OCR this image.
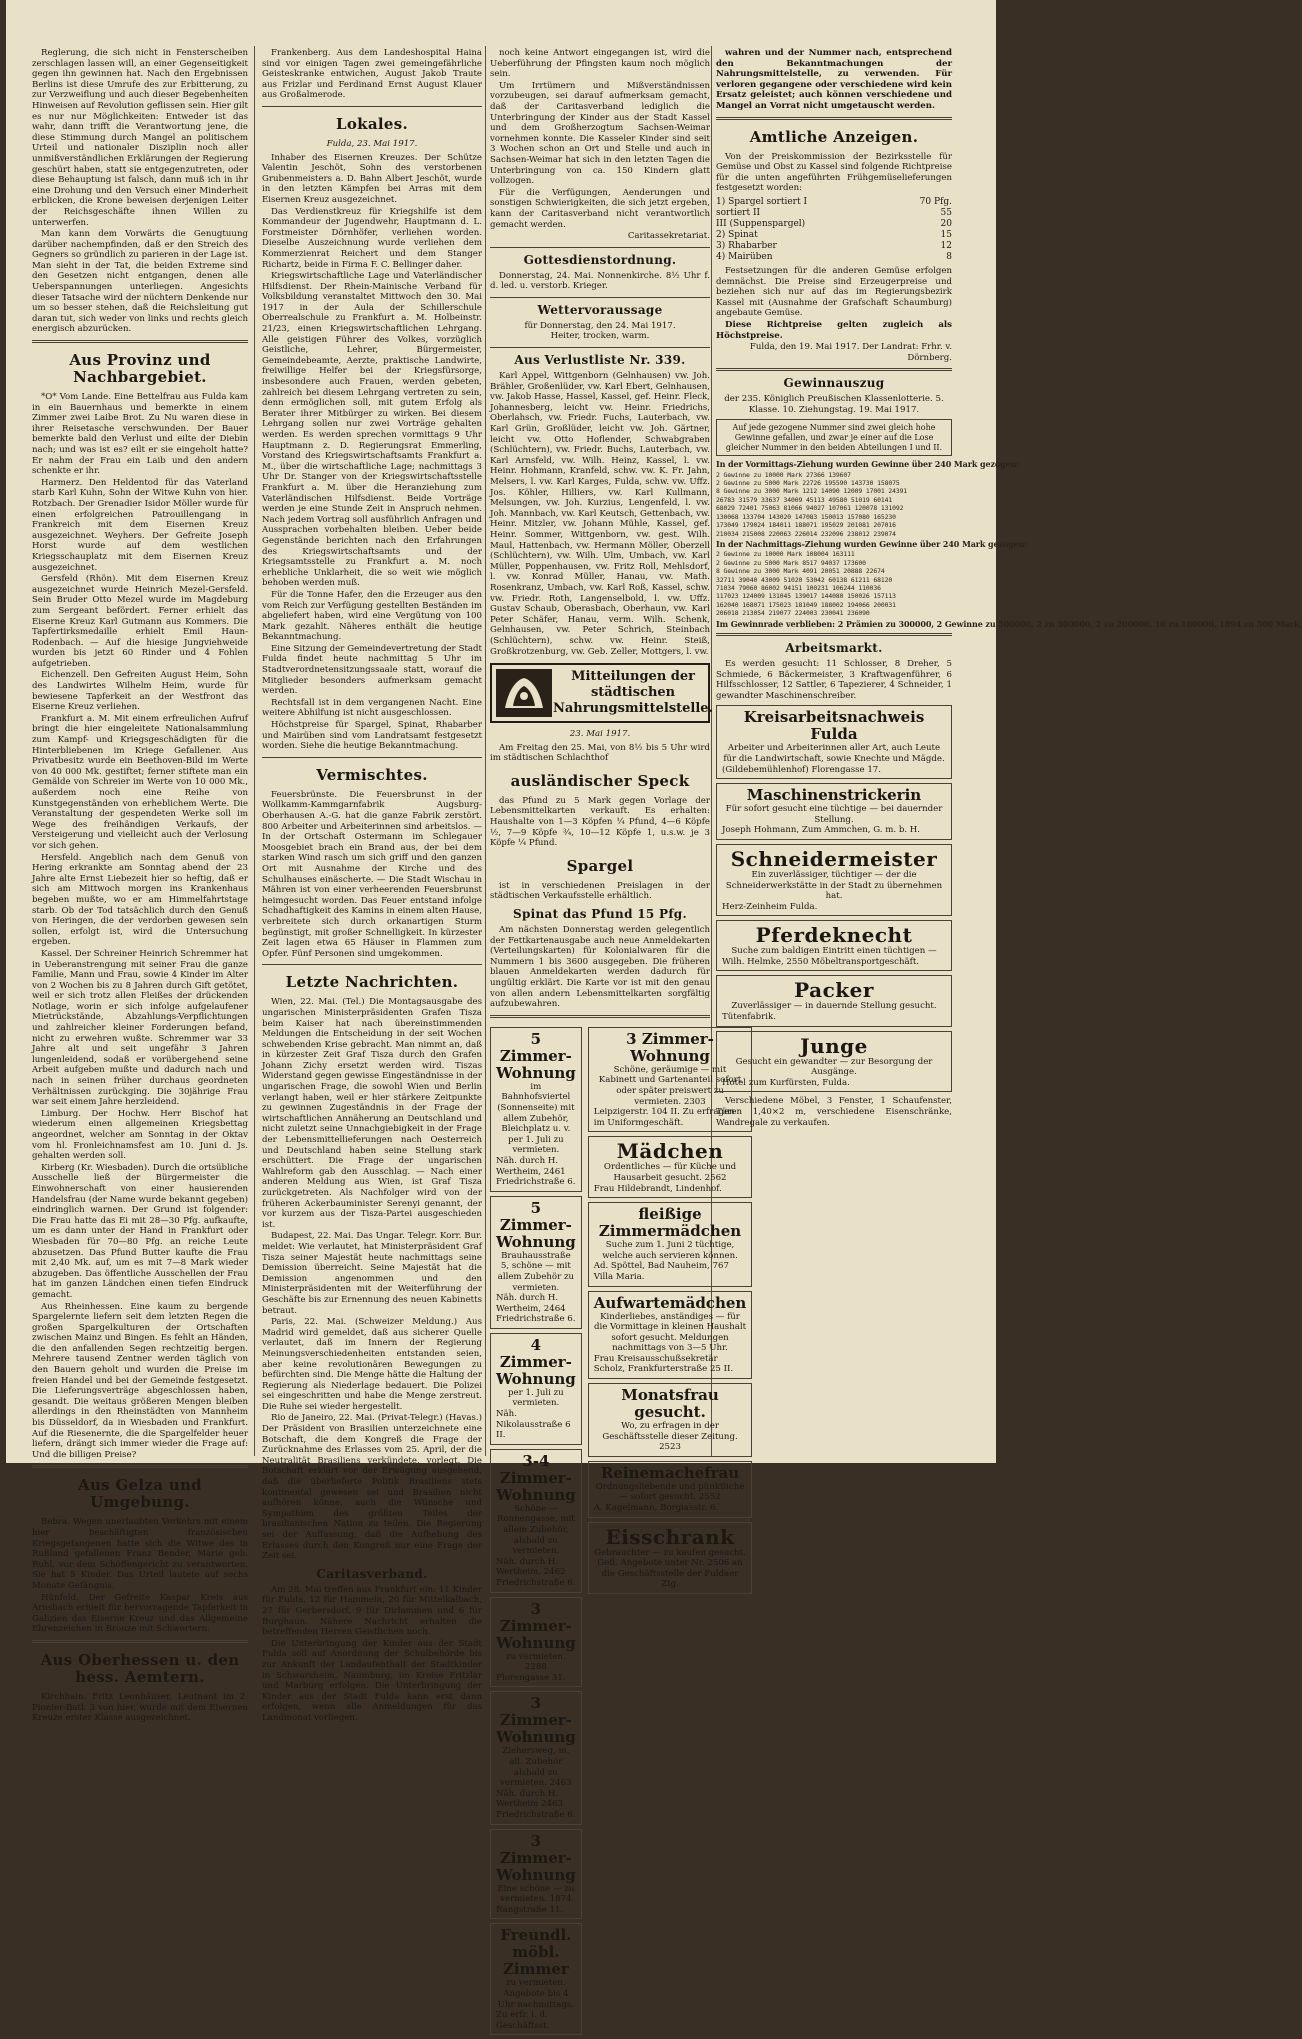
Reglerung, die sich nicht in Fensterscheiben zerschlagen lassen will, an einer Gegenseitigkeit gegen ihn gewinnen hat. Nach den Ergebnissen Berlins ist diese Umrufe des zur Erbitterung, zu zur Verzweiflung und auch dieser Begebenheiten Hinweisen auf Revolution geflissen sein. Hier gilt es nur nur Möglichkeiten: Entweder ist das wahr, dann trifft die Verantwortung jene, die diese Stimmung durch Mangel an politischem Urteil und nationaler Disziplin noch aller unmißverständlichen Erklärungen der Regierung geschürt haben, statt sie entgegenzutreten, oder diese Behauptung ist falsch, dann muß ich in ihr eine Drohung und den Versuch einer Minderheit erblicken, die Krone beweisen derjenigen Leiter der Reichsgeschäfte ihnen Willen zu unterwerfen.

Man kann dem Vorwärts die Genugtuung darüber nachempfinden, daß er den Streich des Gegners so gründlich zu parieren in der Lage ist. Man sieht in der Tat, die beiden Extreme sind den Gesetzen nicht entgangen, denen alle Ueberspannungen unterliegen. Angesichts dieser Tatsache wird der nüchtern Denkende nur um so besser stehen, daß die Reichsleitung gut daran tut, sich weder von links und rechts gleich energisch abzurücken.

Aus Provinz und Nachbargebiet.

*O* Vom Lande. Eine Bettelfrau aus Fulda kam in ein Bauernhaus und bemerkte in einem Zimmer zwei Laibe Brot. Zu Nu waren diese in ihrer Reisetasche verschwunden. Der Bauer bemerkte bald den Verlust und eilte der Diebin nach; und was ist es? eilt er sie eingeholt hatte? Er nahm der Frau ein Laib und den andern schenkte er ihr.

Harmerz. Den Heldentod für das Vaterland starb Karl Kuhn, Sohn der Witwe Kuhn von hier. Rotzbach. Der Grenadier Isidor Möller wurde für einen erfolgreichen Patrouillengang in Frankreich mit dem Eisernen Kreuz ausgezeichnet. Weyhers. Der Gefreite Joseph Horst wurde auf dem westlichen Kriegsschauplatz mit dem Eisernen Kreuz ausgezeichnet.

Gersfeld (Rhön). Mit dem Eisernen Kreuz ausgezeichnet wurde Heinrich Mezel-Gersfeld. Sein Bruder Otto Mezel wurde im Magdeburg zum Sergeant befördert. Ferner erhielt das Eiserne Kreuz Karl Gutmann aus Kommers. Die Tapfertirksmedaille erhielt Emil Haun-Rodenbach. — Auf die hiesige Jungviehweide wurden bis jetzt 60 Rinder und 4 Fohlen aufgetrieben.

Eichenzell. Den Gefreiten August Heim, Sohn des Landwirtes Wilhelm Heim, wurde für bewiesene Tapferkeit an der Westfront das Eiserne Kreuz verliehen.

Frankfurt a. M. Mit einem erfreulichen Aufruf bringt die hier eingeleitete Nationalsammlung zum Kampf- und Kriegsgeschädigten für die Hinterbliebenen im Kriege Gefallener. Aus Privatbesitz wurde ein Beethoven-Bild im Werte von 40 000 Mk. gestiftet; ferner stiftete man ein Gemälde von Schreier im Werte von 10 000 Mk., außerdem noch eine Reihe von Kunstgegenständen von erheblichem Werte. Die Veranstaltung der gespendeten Werke soll im Wege des freihändigen Verkaufs, der Versteigerung und vielleicht auch der Verlosung vor sich gehen.

Hersfeld. Angeblich nach dem Genuß von Hering erkrankte am Sonntag abend der 23 Jahre alte Ernst Liebezeit hier so heftig, daß er sich am Mittwoch morgen ins Krankenhaus begeben mußte, wo er am Himmelfahrtstage starb. Ob der Tod tatsächlich durch den Genuß von Heringen, die der verdorben gewesen sein sollen, erfolgt ist, wird die Untersuchung ergeben.

Kassel. Der Schreiner Heinrich Schremmer hat in Ueberanstrengung mit seiner Frau die ganze Familie, Mann und Frau, sowie 4 Kinder im Alter von 2 Wochen bis zu 8 Jahren durch Gift getötet, weil er sich trotz allen Fleißes der drückenden Notlage, worin er sich infolge aufgelaufener Mietrückstände, Abzahlungs-Verpflichtungen und zahlreicher kleiner Forderungen befand, nicht zu erwehren wußte. Schremmer war 33 Jahre alt und seit ungefähr 3 Jahren lungenleidend, sodaß er vorübergehend seine Arbeit aufgeben mußte und dadurch nach und nach in seinen früher durchaus geordneten Verhältnissen zurückging. Die 30jährige Frau war seit einem Jahre herzleidend.

Limburg. Der Hochw. Herr Bischof hat wiederum einen allgemeinen Kriegsbettag angeordnet, welcher am Sonntag in der Oktav vom hl. Fronleichnamsfest am 10. Juni d. Js. gehalten werden soll.

Kirberg (Kr. Wiesbaden). Durch die ortsübliche Ausschelle ließ der Bürgermeister die Einwohnerschaft von einer hausierenden Handelsfrau (der Name wurde bekannt gegeben) eindringlich warnen. Der Grund ist folgender: Die Frau hatte das Ei mit 28—30 Pfg. aufkaufte, um es dann unter der Hand in Frankfurt oder Wiesbaden für 70—80 Pfg. an reiche Leute abzusetzen. Das Pfund Butter kaufte die Frau mit 2,40 Mk. auf, um es mit 7—8 Mark wieder abzugeben. Das öffentliche Ausschellen der Frau hat im ganzen Ländchen einen tiefen Eindruck gemacht.

Aus Rheinhessen. Eine kaum zu bergende Spargelernte liefern seit dem letzten Regen die großen Spargelkulturen der Ortschaften zwischen Mainz und Bingen. Es fehlt an Händen, die den anfallenden Segen rechtzeitig bergen. Mehrere tausend Zentner werden täglich von den Bauern geholt und wurden die Preise im freien Handel und bei der Gemeinde festgesetzt. Die Lieferungsverträge abgeschlossen haben, gesandt. Die weitaus größeren Mengen bleiben allerdings in den Rheinstädten von Mannheim bis Düsseldorf, da in Wiesbaden und Frankfurt. Auf die Riesenernte, die die Spargelfelder heuer liefern, drängt sich immer wieder die Frage auf: Und die billigen Preise?

Aus Gelza und Umgebung.

Bebra. Wegen unerlaubten Verkehrs mit einem hier beschäftigten französischen Kriegsgefangenen hatte sich die Witwe des in Rußland gefallenen Franz Bender, Marie geb. Ruhl, vor dem Schöffengericht zu verantworten. Sie hat 5 Kinder. Das Urteil lautete auf sechs Monate Gefängnis.

Hünfeld. Der Gefreite Kaspar Kreis aus Arnsbach erhielt für hervorragende Tapferkeit in Galizien das Eiserne Kreuz und das Allgemeine Ehrenzeichen in Bronze mit Schwertern.

Aus Oberhessen u. den hess. Aemtern.

Kirchhain. Fritz Leonhäuser, Leutnant im 2. Pionier-Batl. 3 von hier, wurde mit dem Eisernen Kreuze erster Klasse ausgezeichnet.

Frankenberg. Aus dem Landeshospital Haina sind vor einigen Tagen zwei gemeingefährliche Geisteskranke entwichen, August Jakob Traute aus Frizlar und Ferdinand Ernst August Klauer aus Großalmerode.

Lokales.
Fulda, 23. Mai 1917.

Inhaber des Eisernen Kreuzes. Der Schütze Valentin Jeschöt, Sohn des verstorbenen Grubenmeisters a. D. Bahn Albert Jeschöt, wurde in den letzten Kämpfen bei Arras mit dem Eisernen Kreuz ausgezeichnet.

Das Verdienstkreuz für Kriegshilfe ist dem Kommandeur der Jugendwehr, Hauptmann d. L. Forstmeister Dörnhöfer, verliehen worden. Dieselbe Auszeichnung wurde verliehen dem Kommerzienrat Reichert und dem Stanger Richartz, beide in Firma F. C. Bellinger daher.

Kriegswirtschaftliche Lage und Vaterländischer Hilfsdienst. Der Rhein-Mainische Verband für Volksbildung veranstaltet Mittwoch den 30. Mai 1917 in der Aula der Schillerschule Oberrealschule zu Frankfurt a. M. Holbeinstr. 21/23, einen Kriegswirtschaftlichen Lehrgang. Alle geistigen Führer des Volkes, vorzüglich Geistliche, Lehrer, Bürgermeister, Gemeindebeamte, Aerzte, praktische Landwirte, freiwillige Helfer bei der Kriegsfürsorge, insbesondere auch Frauen, werden gebeten, zahlreich bei diesem Lehrgang vertreten zu sein, denn ermöglichen soll, mit gutem Erfolg als Berater ihrer Mitbürger zu wirken. Bei diesem Lehrgang sollen nur zwei Vorträge gehalten werden. Es werden sprechen vormittags 9 Uhr Hauptmann z. D. Regierungsrat Emmerling, Vorstand des Kriegswirtschaftsamts Frankfurt a. M., über die wirtschaftliche Lage; nachmittags 3 Uhr Dr. Stanger von der Kriegswirtschaftsstelle Frankfurt a. M. über die Heranziehung zum Vaterländischen Hilfsdienst. Beide Vorträge werden je eine Stunde Zeit in Anspruch nehmen. Nach jedem Vortrag soll ausführlich Anfragen und Aussprachen vorbehalten bleiben. Ueber beide Gegenstände berichten nach den Erfahrungen des Kriegswirtschaftsamts und der Kriegsamtsstelle zu Frankfurt a. M. noch erhebliche Unklarheit, die so weit wie möglich behoben werden muß.

Für die Tonne Hafer, den die Erzeuger aus den vom Reich zur Verfügung gestellten Beständen im abgeliefert haben, wird eine Vergütung von 100 Mark gezahlt. Näheres enthält die heutige Bekanntmachung.

Eine Sitzung der Gemeindevertretung der Stadt Fulda findet heute nachmittag 5 Uhr im Stadtverordnetensitzungssaale statt, worauf die Mitglieder besonders aufmerksam gemacht werden.

Rechtsfall ist in dem vergangenen Nacht. Eine weitere Abhilfung ist nicht ausgeschlossen.

Höchstpreise für Spargel, Spinat, Rhabarber und Mairüben sind vom Landratsamt festgesetzt worden. Siehe die heutige Bekanntmachung.

Vermischtes.

Feuersbrünste. Die Feuersbrunst in der Wollkamm-Kammgarnfabrik Augsburg-Oberhausen A.-G. hat die ganze Fabrik zerstört. 800 Arbeiter und Arbeiterinnen sind arbeitslos. — In der Ortschaft Ostermann im Schlegauer Moosgebiet brach ein Brand aus, der bei dem starken Wind rasch um sich griff und den ganzen Ort mit Ausnahme der Kirche und des Schulhauses einäscherte. — Die Stadt Wischau in Mähren ist von einer verheerenden Feuersbrunst heimgesucht worden. Das Feuer entstand infolge Schadhaftigkeit des Kamins in einem alten Hause, verbreitete sich durch orkanartigen Sturm begünstigt, mit großer Schnelligkeit. In kürzester Zeit lagen etwa 65 Häuser in Flammen zum Opfer. Fünf Personen sind umgekommen.

Letzte Nachrichten.

Wien, 22. Mai. (Tel.) Die Montagsausgabe des ungarischen Ministerpräsidenten Grafen Tisza beim Kaiser hat nach übereinstimmenden Meldungen die Entscheidung in der seit Wochen schwebenden Krise gebracht. Man nimmt an, daß in kürzester Zeit Graf Tisza durch den Grafen Johann Zichy ersetzt werden wird. Tiszas Widerstand gegen gewisse Eingeständnisse in der ungarischen Frage, die sowohl Wien und Berlin verlangt haben, weil er hier stärkere Zeitpunkte zu gewinnen Zugeständnis in der Frage der wirtschaftlichen Annäherung an Deutschland und nicht zuletzt seine Unnachgiebigkeit in der Frage der Lebensmittellieferungen nach Oesterreich und Deutschland haben seine Stellung stark erschüttert. Die Frage der ungarischen Wahlreform gab den Ausschlag. — Nach einer anderen Meldung aus Wien, ist Graf Tisza zurückgetreten. Als Nachfolger wird von der früheren Ackerbauminister Serenyi genannt, der vor kurzem aus der Tisza-Partei ausgeschieden ist.

Budapest, 22. Mai. Das Ungar. Telegr. Korr. Bur. meldet: Wie verlautet, hat Ministerpräsident Graf Tisza seiner Majestät heute nachmittags seine Demission überreicht. Seine Majestät hat die Demission angenommen und den Ministerpräsidenten mit der Weiterführung der Geschäfte bis zur Ernennung des neuen Kabinetts betraut.

Paris, 22. Mai. (Schweizer Meldung.) Aus Madrid wird gemeldet, daß aus sicherer Quelle verlautet, daß im Innern der Regierung Meinungsverschiedenheiten entstanden seien, aber keine revolutionären Bewegungen zu befürchten sind. Die Menge hätte die Haltung der Regierung als Niederlage bedauert. Die Polizei sei eingeschritten und habe die Menge zerstreut. Die Ruhe sei wieder hergestellt.

Rio de Janeiro, 22. Mai. (Privat-Telegr.) (Havas.) Der Präsident von Brasilien unterzeichnete eine Botschaft, die dem Kongreß die Frage der Zurücknahme des Erlasses vom 25. April, der die Neutralität Brasiliens verkündete, vorlegt. Die Botschaft erklärt vor der Erwägung ausgehend, daß die überlieferte Politik Brasiliens stets kontinental gewesen sei und Brasilien nicht aufhören könne, auch die Wünsche und Sympathien des größten Teiles der brasilianischen Nation zu teilen. Die Regierung sei der Auffassung, daß die Aufhebung des Erlasses durch den Kongreß nur eine Frage der Zeit sei.

Caritasverband.

Am 28. Mai treffen aus Frankfurt ein: 11 Kinder für Fulda, 12 für Hammeln, 20 für Mittelkalbach, 27 für Gerbersdorf, 9 für Dirlammen und 6 für Burghaun. Nähere Nachricht erhalten die betreffenden Herren Geistlichen noch.

Die Unterbringung der Kinder aus der Stadt Fulda soll auf Anordnung der Schulbehörde bis zur Ankunft der Landaufenthalt der Stadtkinder in Schwarzheim, Naumburg, im Kreise Fritzlar und Marburg erfolgen. Die Unterbringung der Kinder aus der Stadt Fulda kann erst dann erfolgen, wenn alle Anmeldungen für das Landmonat vorliegen.

noch keine Antwort eingegangen ist, wird die Ueberführung der Pfingsten kaum noch möglich sein.

Um Irrtümern und Mißverständnissen vorzubeugen, sei darauf aufmerksam gemacht, daß der Caritasverband lediglich die Unterbringung der Kinder aus der Stadt Kassel und dem Großherzogtum Sachsen-Weimar vornehmen konnte. Die Kasseler Kinder sind seit 3 Wochen schon an Ort und Stelle und auch in Sachsen-Weimar hat sich in den letzten Tagen die Unterbringung von ca. 150 Kindern glatt vollzogen.

Für die Verfügungen, Aenderungen und sonstigen Schwierigkeiten, die sich jetzt ergeben, kann der Caritasverband nicht verantwortlich gemacht werden.

Caritassekretariat.
Gottesdienstordnung.

Donnerstag, 24. Mai. Nonnenkirche. 8½ Uhr f. d. led. u. verstorb. Krieger.

Wettervoraussage
für Donnerstag, den 24. Mai 1917.
Heiter, trocken, warm.
Aus Verlustliste Nr. 339.

Karl Appel, Wittgenborn (Gelnhausen) vw. Joh. Brähler, Großenlüder, vw. Karl Ebert, Gelnhausen, vw. Jakob Hasse, Hassel, Kassel, gef. Heinr. Fleck, Johannesberg, leicht vw. Heinr. Friedrichs, Oberlahsch, vw. Friedr. Fuchs, Lauterbach, vw. Karl Grün, Großlüder, leicht vw. Joh. Gärtner, leicht vw. Otto Hoflender, Schwabgraben (Schlüchtern), vw. Friedr. Buchs, Lauterbach, vw. Karl Arnsfeld, vw. Wilh. Heinz, Kassel, l. vw. Heinr. Hohmann, Kranfeld, schw. vw. K. Fr. Jahn, Melsers, l. vw. Karl Karges, Fulda, schw. vw. Uffz. Jos. Köhler, Hilliers, vw. Karl Kullmann, Melsungen, vw. Joh. Kurzius, Lengenfeld, l. vw. Joh. Mannbach, vw. Karl Keutsch, Gettenbach, vw. Heinr. Mitzler, vw. Johann Mühle, Kassel, gef. Heinr. Sommer, Wittgenborn, vw. gest. Wilh. Maul, Hattenbach, vw. Hermann Möller, Oberzell (Schlüchtern), vw. Wilh. Ulm, Umbach, vw. Karl Müller, Poppenhausen, vw. Fritz Roll, Mehlsdorf, l. vw. Konrad Müller, Hanau, vw. Math. Rosenkranz, Umbach, vw. Karl Roß, Kassel, schw. vw. Friedr. Roth, Langenselbold, l. vw. Uffz. Gustav Schaub, Oberasbach, Oberhaun, vw. Karl Peter Schäfer, Hanau, verm. Wilh. Schenk, Gelnhausen, vw. Peter Schrich, Steinbach (Schlüchtern), schw. vw. Heinr. Steiß, Großkrotzenburg, vw. Geb. Zeller, Mottgers, l. vw.

Mitteilungen der städtischen Nahrungsmittelstelle.
23. Mai 1917.

Am Freitag den 25. Mai, von 8½ bis 5 Uhr wird im städtischen Schlachthof

ausländischer Speck

das Pfund zu 5 Mark gegen Vorlage der Lebensmittelkarten verkauft. Es erhalten: Haushalte von 1—3 Köpfen ¼ Pfund, 4—6 Köpfe ½, 7—9 Köpfe ¾, 10—12 Köpfe 1, u.s.w. je 3 Köpfe ¼ Pfund.

Spargel

ist in verschiedenen Preislagen in der städtischen Verkaufsstelle erhältlich.

Spinat das Pfund 15 Pfg.

Am nächsten Donnerstag werden gelegentlich der Fettkartenausgabe auch neue Anmeldekarten (Verteilungskarten) für Kolonialwaren für die Nummern 1 bis 3600 ausgegeben. Die früheren blauen Anmeldekarten werden dadurch für ungültig erklärt. Die Karte vor ist mit den genau von allen andern Lebensmittelkarten sorgfältig aufzubewahren.

5 Zimmer-Wohnung
im Bahnhofsviertel (Sonnenseite) mit allem Zubehör, Bleichplatz u. v. per 1. Juli zu vermieten.
Näh. durch H. Wertheim, 2461 Friedrichstraße 6.
5 Zimmer-Wohnung
Brauhausstraße 5, schöne — mit allem Zubehör zu vermieten.
Näh. durch H. Wertheim, 2464 Friedrichstraße 6.
4 Zimmer-Wohnung
per 1. Juli zu vermieten.
Näh. Nikolausstraße 6 II.
3-4 Zimmer-Wohnung
Schöne — Ronnengasse, mit allem Zubehör, alsbald zu vermieten.
Näh. durch H. Wertheim, 2462 Friedrichstraße 6.
3 Zimmer-Wohnung
zu vermieten. 2288
Florengasse 31.
3 Zimmer-Wohnung
Ziehersweg, m. all. Zubehör alsbald zu vermieten. 2463
Näh. durch H. Wertheim 2463 Friedrichstraße 6.
3 Zimmer-Wohnung
Eine schöne — zu vermieten. 1874
Rangstraße 11.
Freundl. möbl. Zimmer
zu vermieten. Angebote bis 4 Uhr nachmittags.
Zu erfr. i. d. Geschäftsst.
3 Zimmer-Wohnung
Schöne, geräumige — mit Kabinett und Gartenanteil sofort oder später preiswert zu vermieten. 2303
Leipzigerstr. 104 II. Zu erfragen im Uniformgeschäft.
Mädchen
Ordentliches — für Küche und Hausarbeit gesucht. 2562
Frau Hildebrandt, Lindenhof.
fleißige Zimmermädchen
Suche zum 1. Juni 2 tüchtige, welche auch servieren können.
Ad. Spöttel, Bad Nauheim, 767 Villa Maria.
Aufwartemädchen
Kinderliebes, anständiges — für die Vormittage in kleinen Haushalt sofort gesucht. Meldungen nachmittags von 3—5 Uhr.
Frau Kreisausschußsekretär Scholz, Frankfurterstraße 25 II.
Monatsfrau gesucht.
Wo, zu erfragen in der Geschäftsstelle dieser Zeitung. 2523
Reinemachefrau
Ordnungsliebende und pünktliche — sofort gesucht. 2552
A. Kagelmann, Borgiasstr. 6.
Eisschrank
Gebrauchter — zu kaufen gesucht. Gefl. Angebote unter Nr. 2506 an die Geschäftsstelle der Fuldaer Ztg.

wahren und der Nummer nach, entsprechend den Bekanntmachungen der Nahrungsmittelstelle, zu verwenden. Für verloren gegangene oder verschiedene wird kein Ersatz geleistet; auch können verschiedene und Mangel an Vorrat nicht umgetauscht werden.

Amtliche Anzeigen.

Von der Preiskommission der Bezirksstelle für Gemüse und Obst zu Kassel sind folgende Richtpreise für die unten angeführten Frühgemüselieferungen festgesetzt worden:

1) Spargel sortiert I	70 Pfg.
sortiert II	55
III (Suppenspargel)	20
2) Spinat	15
3) Rhabarber	12
4) Mairüben	8

Festsetzungen für die anderen Gemüse erfolgen demnächst. Die Preise sind Erzeugerpreise und beziehen sich nur auf das im Regierungsbezirk Kassel mit (Ausnahme der Grafschaft Schaumburg) angebaute Gemüse.

Diese Richtpreise gelten zugleich als Höchstpreise.

Fulda, den 19. Mai 1917. Der Landrat: Frhr. v. Dörnberg.
Gewinnauszug
der 235. Königlich Preußischen Klassenlotterie. 5. Klasse. 10. Ziehungstag. 19. Mai 1917.
Auf jede gezogene Nummer sind zwei gleich hohe Gewinne gefallen, und zwar je einer auf die Lose gleicher Nummer in den beiden Abteilungen I und II.
In der Vormittags-Ziehung wurden Gewinne über 240 Mark gezogen:
2 Gewinne zu 10000 Mark 27366 139607
2 Gewinne zu 5000 Mark 22726 195590 143730 158075
8 Gewinne zu 3000 Mark 1212 14090 12009 17001 24391
26783 31579 33637 34009 45113 49580 51019 60141
68029 72401 75063 81066 94027 107061 120078 131092
130068 133704 143020 147083 150013 157080 165230
173049 179024 184011 188071 195029 201081 207016
210034 215008 220063 226014 232096 238012 239074
In der Nachmittags-Ziehung wurden Gewinne über 240 Mark gezogen:
2 Gewinne zu 10000 Mark 108004 163111
2 Gewinne zu 5000 Mark 8517 94037 173600
8 Gewinne zu 3000 Mark 4091 20051 20888 22674
32711 39040 43009 51020 53042 60138 61211 68120
71034 79060 86002 94151 100231 106244 110036
117023 124009 131045 139017 144080 150026 157113
162040 168071 175023 181049 188002 194066 200031
206018 213054 219077 224003 230041 236090
Im Gewinnrade verblieben: 2 Prämien zu 300000, 2 Gewinne zu 500000, 2 zu 300000, 2 zu 200000, 10 zu 100000, 1894 zu 500 Mark.
Arbeitsmarkt.

Es werden gesucht: 11 Schlosser, 8 Dreher, 5 Schmiede, 6 Bäckermeister, 3 Kraftwagenführer, 6 Hilfsschlosser, 12 Sattler, 6 Tapezierer, 4 Schneider, 1 gewandter Maschinenschreiber.

Kreisarbeitsnachweis Fulda
Arbeiter und Arbeiterinnen aller Art, auch Leute für die Landwirtschaft, sowie Knechte und Mägde.
(Gildebemühlenhof) Florengasse 17.
Maschinenstrickerin
Für sofort gesucht eine tüchtige — bei dauernder Stellung.
Joseph Hohmann, Zum Ammchen, G. m. b. H.
Schneidermeister
Ein zuverlässiger, tüchtiger — der die Schneiderwerkstätte in der Stadt zu übernehmen hat.
Herz-Zeinheim Fulda.
Pferdeknecht
Suche zum baldigen Eintritt einen tüchtigen —
Wilh. Helmke, 2550 Möbeltransportgeschäft.
Packer
Zuverlässiger — in dauernde Stellung gesucht.
Tütenfabrik.
Junge
Gesucht ein gewandter — zur Besorgung der Ausgänge.
Hotel zum Kurfürsten, Fulda.

Verschiedene Möbel, 3 Fenster, 1 Schaufenster, Türen 1,40×2 m, verschiedene Eisenschränke, Wandregale zu verkaufen.
